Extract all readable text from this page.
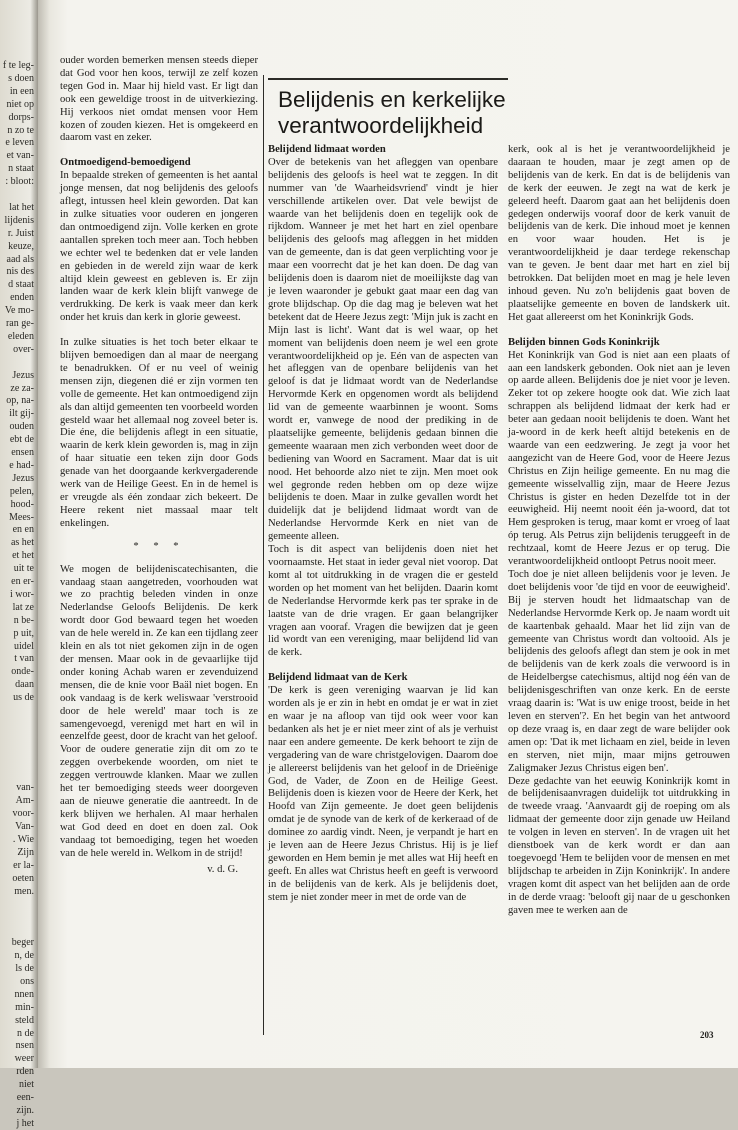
f te leg-
s doen
in een
niet op
dorps-
n zo te
e leven
et van-
n staat
: bloot:
lat het
lijdenis
r. Juist
keuze,
aad als
nis des
d staat
enden
Ve mo-
ran ge-
eleden
over-
Jezus
ze za-
op, na-
ilt gij-
ouden
ebt de
ensen
e had-
Jezus
pelen,
hood-
Mees-
en en
as het
et het
uit te
en er-
i wor-
lat ze
n be-
p uit,
uidel
t van
onde-
daan
us de
van-
Am-
voor-
Van-
. Wie
Zijn
er la-
oeten
men.
beger
n, de
ls de
ons
nnen
min-
steld
n de
nsen
weer
rden
niet
een-
zijn.
j het

ouder worden bemerken mensen steeds dieper dat God voor hen koos, terwijl ze zelf kozen tegen God in. Maar hij hield vast. Er ligt dan ook een geweldige troost in de uitverkiezing. Hij verkoos niet omdat mensen voor Hem kozen of zouden kiezen. Het is omgekeerd en daarom vast en zeker.

Ontmoedigend-bemoedigend

In bepaalde streken of gemeenten is het aantal jonge mensen, dat nog belijdenis des geloofs aflegt, intussen heel klein geworden. Dat kan in zulke situaties voor ouderen en jongeren dan ontmoedigend zijn. Volle kerken en grote aantallen spreken toch meer aan. Toch hebben we echter wel te bedenken dat er vele landen en gebieden in de wereld zijn waar de kerk altijd klein geweest en gebleven is. Er zijn landen waar de kerk klein blijft vanwege de verdrukking. De kerk is vaak meer dan kerk onder het kruis dan kerk in glorie geweest.

In zulke situaties is het toch beter elkaar te blijven bemoedigen dan al maar de neergang te benadrukken. Of er nu veel of weinig mensen zijn, diegenen dié er zijn vormen ten volle de gemeente. Het kan ontmoedigend zijn als dan altijd gemeenten ten voorbeeld worden gesteld waar het allemaal nog zoveel beter is. Die éne, die belijdenis aflegt in een situatie, waarin de kerk klein geworden is, mag in zijn of haar situatie een teken zijn door Gods genade van het doorgaande kerkvergaderende werk van de Heilige Geest. En in de hemel is er vreugde als één zondaar zich bekeert. De Heere rekent niet massaal maar telt enkelingen.

* * *

We mogen de belijdeniscatechisanten, die vandaag staan aangetreden, voorhouden wat we zo prachtig beleden vinden in onze Nederlandse Geloofs Belijdenis. De kerk wordt door God bewaard tegen het woeden van de hele wereld in. Ze kan een tijdlang zeer klein en als tot niet gekomen zijn in de ogen der mensen. Maar ook in de gevaarlijke tijd onder koning Achab waren er zevenduizend mensen, die de knie voor Baäl niet bogen. En ook vandaag is de kerk weliswaar 'verstrooid door de hele wereld' maar toch is ze samengevoegd, verenigd met hart en wil in eenzelfde geest, door de kracht van het geloof.

Voor de oudere generatie zijn dit om zo te zeggen overbekende woorden, om niet te zeggen vertrouwde klanken. Maar we zullen het ter bemoediging steeds weer doorgeven aan de nieuwe generatie die aantreedt. In de kerk blijven we herhalen. Al maar herhalen wat God deed en doet en doen zal. Ook vandaag tot bemoediging, tegen het woeden van de hele wereld in. Welkom in de strijd!

v. d. G.
Belijdenis en kerkelijke verantwoordelijkheid
Belijdend lidmaat worden

Over de betekenis van het afleggen van openbare belijdenis des geloofs is heel wat te zeggen. In dit nummer van 'de Waarheidsvriend' vindt je hier verschillende artikelen over. Dat vele bewijst de waarde van het belijdenis doen en tegelijk ook de rijkdom. Wanneer je met het hart en ziel openbare belijdenis des geloofs mag afleggen in het midden van de gemeente, dan is dat geen verplichting voor je maar een voorrecht dat je het kan doen. De dag van belijdenis doen is daarom niet de moeilijkste dag van je leven waaronder je gebukt gaat maar een dag van grote blijdschap. Op die dag mag je beleven wat het betekent dat de Heere Jezus zegt: 'Mijn juk is zacht en Mijn last is licht'. Want dat is wel waar, op het moment van belijdenis doen neem je wel een grote verantwoordelijkheid op je. Eén van de aspecten van het afleggen van de openbare belijdenis van het geloof is dat je lidmaat wordt van de Nederlandse Hervormde Kerk en opgenomen wordt als belijdend lid van de gemeente waarbinnen je woont. Soms wordt er, vanwege de nood der prediking in de plaatselijke gemeente, belijdenis gedaan binnen die gemeente waaraan men zich verbonden weet door de bediening van Woord en Sacrament. Maar dat is uit nood. Het behoorde alzo niet te zijn. Men moet ook wel gegronde reden hebben om op deze wijze belijdenis te doen. Maar in zulke gevallen wordt het duidelijk dat je belijdend lidmaat wordt van de Nederlandse Hervormde Kerk en niet van de gemeente alleen.

Toch is dit aspect van belijdenis doen niet het voornaamste. Het staat in ieder geval niet voorop. Dat komt al tot uitdrukking in de vragen die er gesteld worden op het moment van het belijden. Daarin komt de Nederlandse Hervormde kerk pas ter sprake in de laatste van de drie vragen. Er gaan belangrijker vragen aan vooraf. Vragen die bewijzen dat je geen lid wordt van een vereniging, maar belijdend lid van de kerk.

Belijdend lidmaat van de Kerk

'De kerk is geen vereniging waarvan je lid kan worden als je er zin in hebt en omdat je er wat in ziet en waar je na afloop van tijd ook weer voor kan bedanken als het je er niet meer zint of als je verhuist naar een andere gemeente. De kerk behoort te zijn de vergadering van de ware christgelovigen. Daarom doe je allereerst belijdenis van het geloof in de Drieënige God, de Vader, de Zoon en de Heilige Geest. Belijdenis doen is kiezen voor de Heere der Kerk, het Hoofd van Zijn gemeente. Je doet geen belijdenis omdat je de synode van de kerk of de kerkeraad of de dominee zo aardig vindt. Neen, je verpandt je hart en je leven aan de Heere Jezus Christus. Hij is je lief geworden en Hem bemin je met alles wat Hij heeft en geeft. En alles wat Christus heeft en geeft is verwoord in de belijdenis van de kerk. Als je belijdenis doet, stem je niet zonder meer in met de orde van de

kerk, ook al is het je verantwoordelijkheid je daaraan te houden, maar je zegt amen op de belijdenis van de kerk. En dat is de belijdenis van de kerk der eeuwen. Je zegt na wat de kerk je geleerd heeft. Daarom gaat aan het belijdenis doen gedegen onderwijs vooraf door de kerk vanuit de belijdenis van de kerk. Die inhoud moet je kennen en voor waar houden. Het is je verantwoordelijkheid je daar terdege rekenschap van te geven. Je bent daar met hart en ziel bij betrokken. Dat belijden moet en mag je hele leven inhoud geven. Nu zo'n belijdenis gaat boven de plaatselijke gemeente en boven de landskerk uit. Het gaat allereerst om het Koninkrijk Gods.

Belijden binnen Gods Koninkrijk

Het Koninkrijk van God is niet aan een plaats of aan een landskerk gebonden. Ook niet aan je leven op aarde alleen. Belijdenis doe je niet voor je leven. Zeker tot op zekere hoogte ook dat. Wie zich laat schrappen als belijdend lidmaat der kerk had er beter aan gedaan nooit belijdenis te doen. Want het ja-woord in de kerk heeft altijd betekenis en de waarde van een eedzwering. Je zegt ja voor het aangezicht van de Heere God, voor de Heere Jezus Christus en Zijn heilige gemeente. En nu mag die gemeente wisselvallig zijn, maar de Heere Jezus Christus is gister en heden Dezelfde tot in der eeuwigheid. Hij neemt nooit één ja-woord, dat tot Hem gesproken is terug, maar komt er vroeg of laat óp terug. Als Petrus zijn belijdenis teruggeeft in de rechtzaal, komt de Heere Jezus er op terug. Die verantwoordelijkheid ontloopt Petrus nooit meer.

Toch doe je niet alleen belijdenis voor je leven. Je doet belijdenis voor 'de tijd en voor de eeuwigheid'. Bij je sterven houdt het lidmaatschap van de Nederlandse Hervormde Kerk op. Je naam wordt uit de kaartenbak gehaald. Maar het lid zijn van de gemeente van Christus wordt dan voltooid. Als je belijdenis des geloofs aflegt dan stem je ook in met de belijdenis van de kerk zoals die verwoord is in de Heidelbergse catechismus, altijd nog één van de belijdenisgeschriften van onze kerk. En de eerste vraag daarin is: 'Wat is uw enige troost, beide in het leven en sterven'?. En het begin van het antwoord op deze vraag is, en daar zegt de ware belijder ook amen op: 'Dat ik met lichaam en ziel, beide in leven en sterven, niet mijn, maar mijns getrouwen Zaligmaker Jezus Christus eigen ben'.

Deze gedachte van het eeuwig Koninkrijk komt in de belijdenisaanvragen duidelijk tot uitdrukking in de tweede vraag. 'Aanvaardt gij de roeping om als lidmaat der gemeente door zijn genade uw Heiland te volgen in leven en sterven'. In de vragen uit het dienstboek van de kerk wordt er dan aan toegevoegd 'Hem te belijden voor de mensen en met blijdschap te arbeiden in Zijn Koninkrijk'. In andere vragen komt dit aspect van het belijden aan de orde in de derde vraag: 'belooft gij naar de u geschonken gaven mee te werken aan de

203
